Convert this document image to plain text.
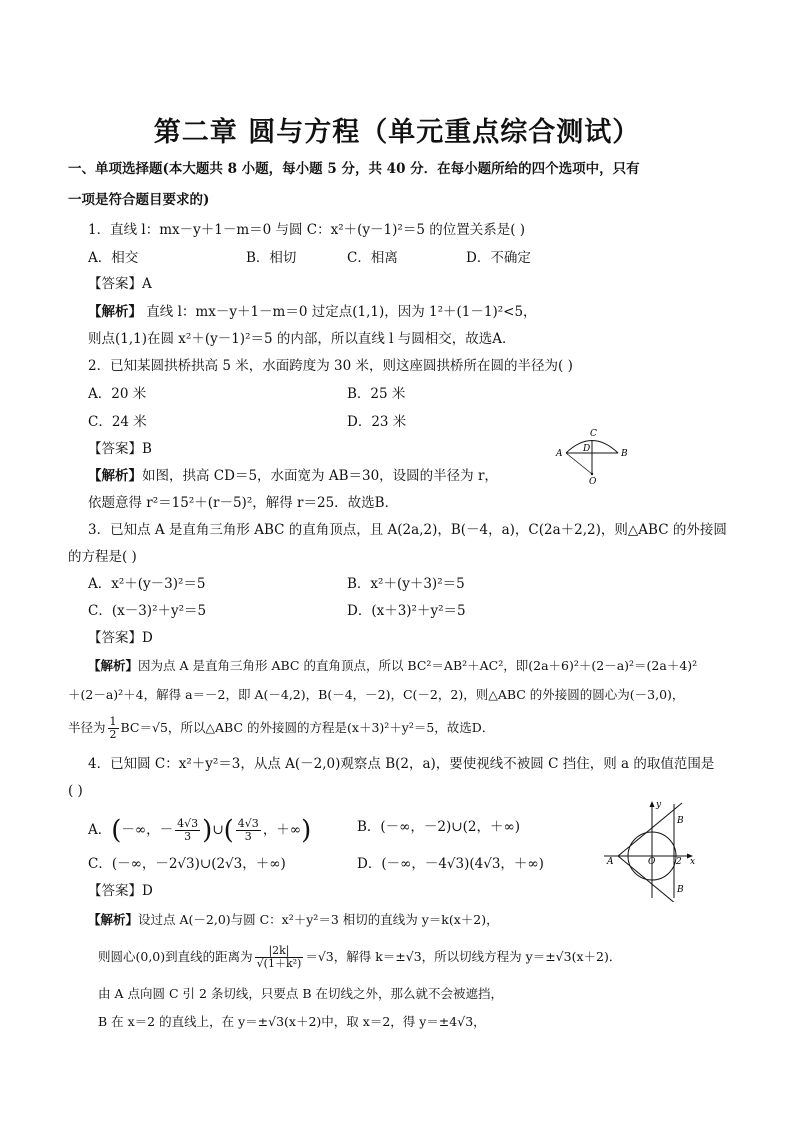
第二章 圆与方程（单元重点综合测试）
一、单项选择题(本大题共 8 小题，每小题 5 分，共 40 分．在每小题所给的四个选项中，只有
一项是符合题目要求的)
1．直线 l：mx－y＋1－m＝0 与圆 C：x²＋(y－1)²＝5 的位置关系是( )
A．相交	B．相切	C．相离	D．不确定
【答案】A
【解析】 直线 l：mx－y＋1－m＝0 过定点(1,1)，因为 1²＋(1－1)²<5，
则点(1,1)在圆 x²＋(y－1)²＝5 的内部，所以直线 l 与圆相交，故选A．
2．已知某圆拱桥拱高 5 米，水面跨度为 30 米，则这座圆拱桥所在圆的半径为( )
A．20 米	B．25 米
C．24 米	D．23 米
【答案】B
【解析】如图，拱高 CD＝5，水面宽为 AB＝30，设圆的半径为 r，
依题意得 r²＝15²＋(r－5)²，解得 r＝25．故选B．
A	B
C
D
O
3．已知点 A 是直角三角形 ABC 的直角顶点，且 A(2a,2)，B(－4，a)，C(2a＋2,2)，则△ABC 的外接圆
的方程是( )
A．x²＋(y－3)²＝5	B．x²＋(y＋3)²＝5
C．(x－3)²＋y²＝5	D．(x＋3)²＋y²＝5
【答案】D
【解析】因为点 A 是直角三角形 ABC 的直角顶点，所以 BC²＝AB²＋AC²，即(2a＋6)²＋(2－a)²＝(2a＋4)²
＋(2－a)²＋4，解得 a＝－2，即 A(－4,2)，B(－4，－2)，C(－2，2)，则△ABC 的外接圆的圆心为(－3,0)，
半径为 $\frac{1}{2} BC=√5$，所以△ABC 的外接圆的方程是(x＋3)²＋y²＝5，故选D．
4．已知圆 C：x²＋y²＝3，从点 A(－2,0)观察点 B(2，a)，要使视线不被圆 C 挡住，则 a 的取值范围是
( )
A．(－∞，－ $\frac{4√3}{3}$ )∪( $\frac{4√3}{3}$ ，＋∞)	B．(－∞，－2)∪(2，＋∞)
C．(－∞，－2√3)∪(2√3，＋∞)	D．(－∞，－4√3)(4√3，＋∞)
【答案】D
【解析】设过点 A(－2,0)与圆 C：x²＋y²＝3 相切的直线为 y＝k(x＋2)，
则圆心(0,0)到直线的距离为 $\frac{|2k|}{\text{√(1＋k²)}} =√3$，解得 k＝±√3，所以切线方程为 y＝±√3(x＋2)．
由 A 点向圆 C 引 2 条切线，只要点 B 在切线之外，那么就不会被遮挡，
B 在 x＝2 的直线上，在 y＝±√3(x＋2)中，取 x＝2，得 y＝±4√3，
y
x
A	O 2
B
B
